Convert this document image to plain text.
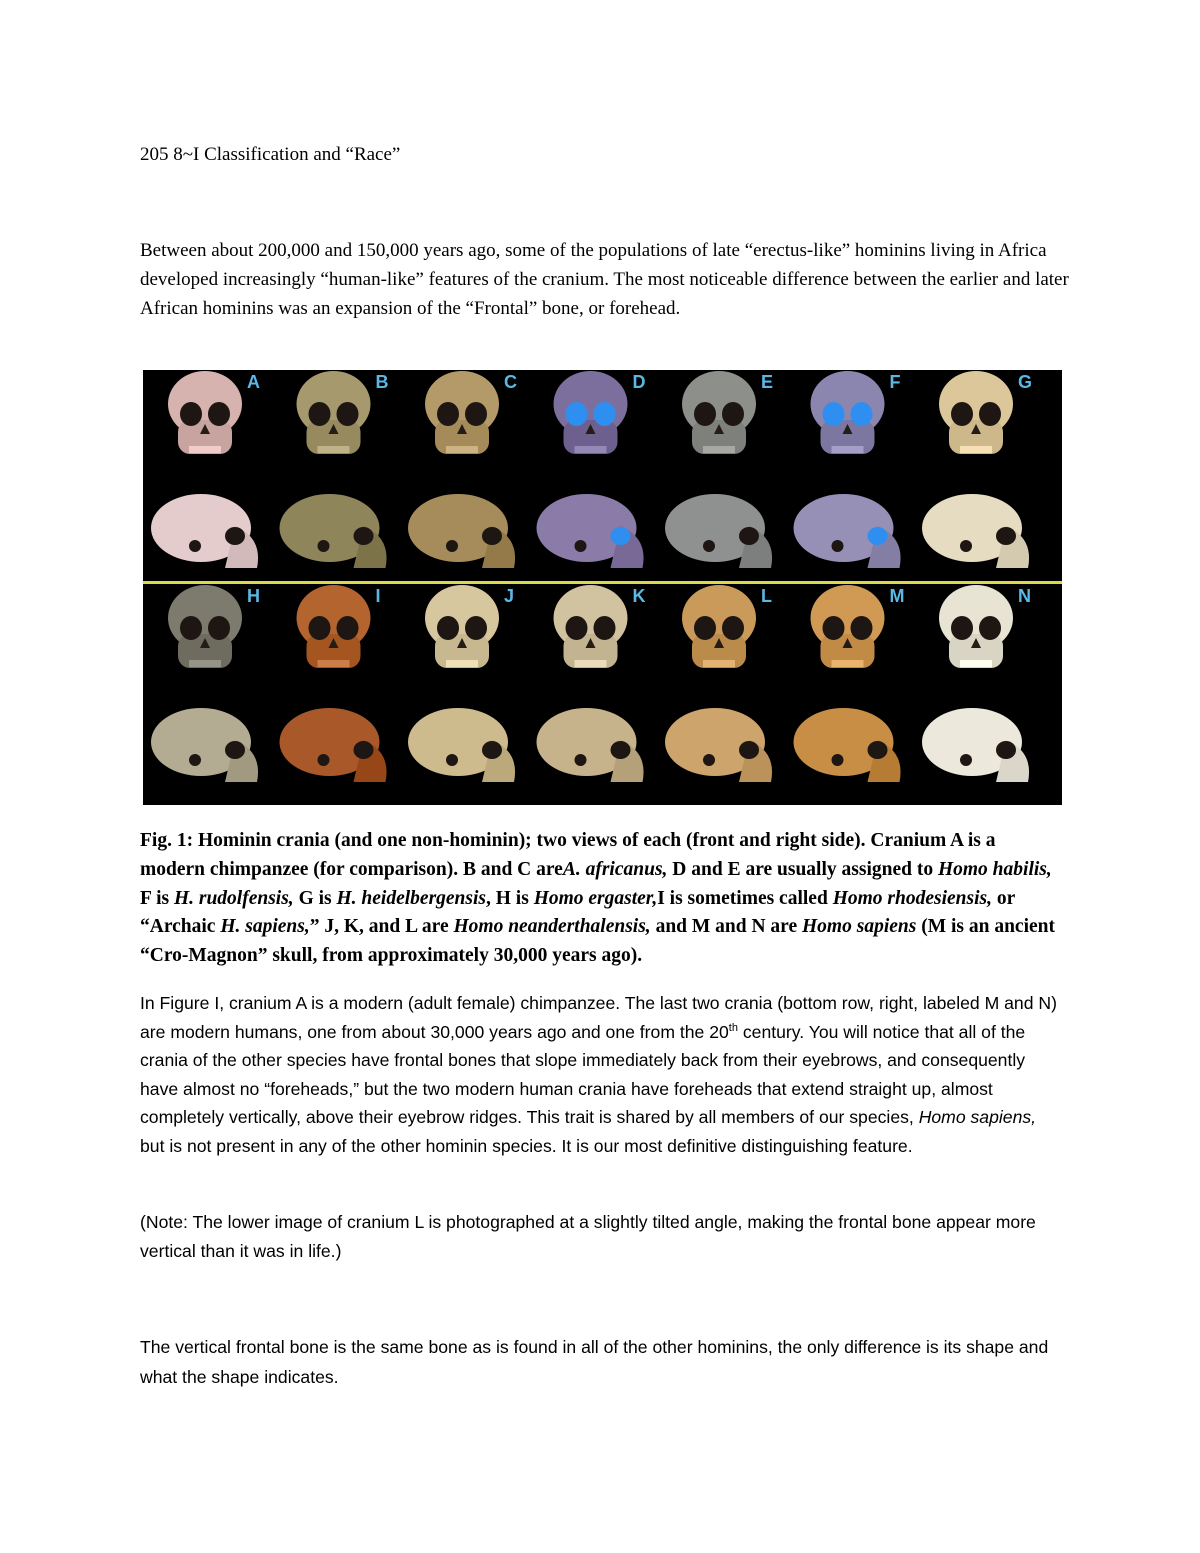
205 8~I Classification and “Race”
Between about 200,000 and 150,000 years ago, some of the populations of late “erectus-like” hominins living in Africa developed increasingly “human-like” features of the cranium. The most noticeable difference between the earlier and later African hominins was an expansion of the “Frontal” bone, or forehead.
A	B	C	D	E	F	G
H	I	J	K	L	M	N
Fig. 1: Hominin crania (and one non-hominin); two views of each (front and right side). Cranium A is a modern chimpanzee (for comparison). B and C areA. africanus, D and E are usually assigned to Homo habilis, F is H. rudolfensis, G is H. heidelbergensis, H is Homo ergaster,I is sometimes called Homo rhodesiensis, or “Archaic H. sapiens,” J, K, and L are Homo neanderthalensis, and M and N are Homo sapiens (M is an ancient “Cro-Magnon” skull, from approximately 30,000 years ago).
In Figure I, cranium A is a modern (adult female) chimpanzee. The last two crania (bottom row, right, labeled M and N) are modern humans, one from about 30,000 years ago and one from the 20th century. You will notice that all of the crania of the other species have frontal bones that slope immediately back from their eyebrows, and consequently have almost no “foreheads,” but the two modern human crania have foreheads that extend straight up, almost completely vertically, above their eyebrow ridges. This trait is shared by all members of our species, Homo sapiens, but is not present in any of the other hominin species. It is our most definitive distinguishing feature.
(Note: The lower image of cranium L is photographed at a slightly tilted angle, making the frontal bone appear more vertical than it was in life.)
The vertical frontal bone is the same bone as is found in all of the other hominins, the only difference is its shape and what the shape indicates.
